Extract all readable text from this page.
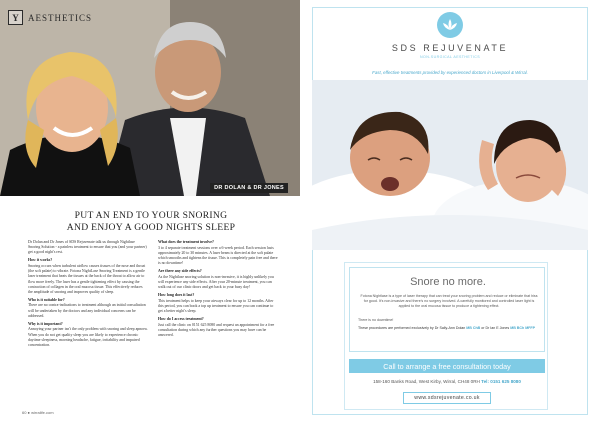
Y	AESTHETICS
DR DOLAN & DR JONES
PUT AN END TO YOUR SNORING
AND ENJOY A GOOD NIGHTS SLEEP

Dr Dolan and Dr Jones of SDS Rejuvenate talk us through Nightlase Snoring Solution - a painless treatment to ensure that you (and your partner) get a good night's rest.

How it works?

Snoring occurs when turbulent airflow causes tissues of the nose and throat (the soft palate) to vibrate. Fotona NightLase Snoring Treatment is a gentle laser treatment that heats the tissues at the back of the throat to allow air to flow more freely. The laser has a gentle tightening effect by causing the contraction of collagen in the oral mucosa tissue. This effectively reduces the amplitude of snoring and improves quality of sleep.

Who is it suitable for?

There are no contra-indications to treatment although an initial consultation will be undertaken by the doctors and any individual concerns can be addressed.

Why is it important?

Annoying your partner isn't the only problem with snoring and sleep apnoea. When you do not get quality sleep you are likely to experience chronic daytime sleepiness, morning headache, fatigue, irritability and impaired concentration.

What does the treatment involve?

3 to 4 separate treatment sessions over a 6-week period. Each session lasts approximately 20 to 30 minutes. A laser beam is directed at the soft palate which smooths and tightens the tissue. This is completely pain free and there is no downtime!

Are there any side effects?

As the Nightlase snoring solution is non-invasive, it is highly unlikely you will experience any side effects. After your 20-minute treatment, you can walk out of our clinic doors and get back to your busy day!

How long does it last?

This treatment helps to keep your airways clear for up to 12 months. After this period, you can book a top up treatment to ensure you can continue to get a better night's sleep.

How do I access treatment?

Just call the clinic on 0151 625 8080 and request an appointment for a free consultation during which any further questions you may have can be answered.

60 ● wirralife.com
SDS REJUVENATE
NON-SURGICAL AESTHETICS
Fast, effective treatments provided by experienced doctors in Liverpool & Wirral.
Snore no more.
Fotona Nightlase is a type of laser therapy that can treat your snoring problem and reduce or eliminate that hiss for good. It's non-invasive and there's no surgery involved. A carefully monitored and controlled laser light is applied to the oral mucosa tissue to produce a tightening effect.
There is no downtime!
These procedures are performed exclusively by Dr Sally-Ann Dolan MB ChB or Dr Ian E Jones MB BCh MFFP
Call to arrange a free consultation today
158-160 Banks Road, West Kirby, Wirral, CH48 0RH Tel: 0151 625 8080
www.sdsrejuvenate.co.uk
